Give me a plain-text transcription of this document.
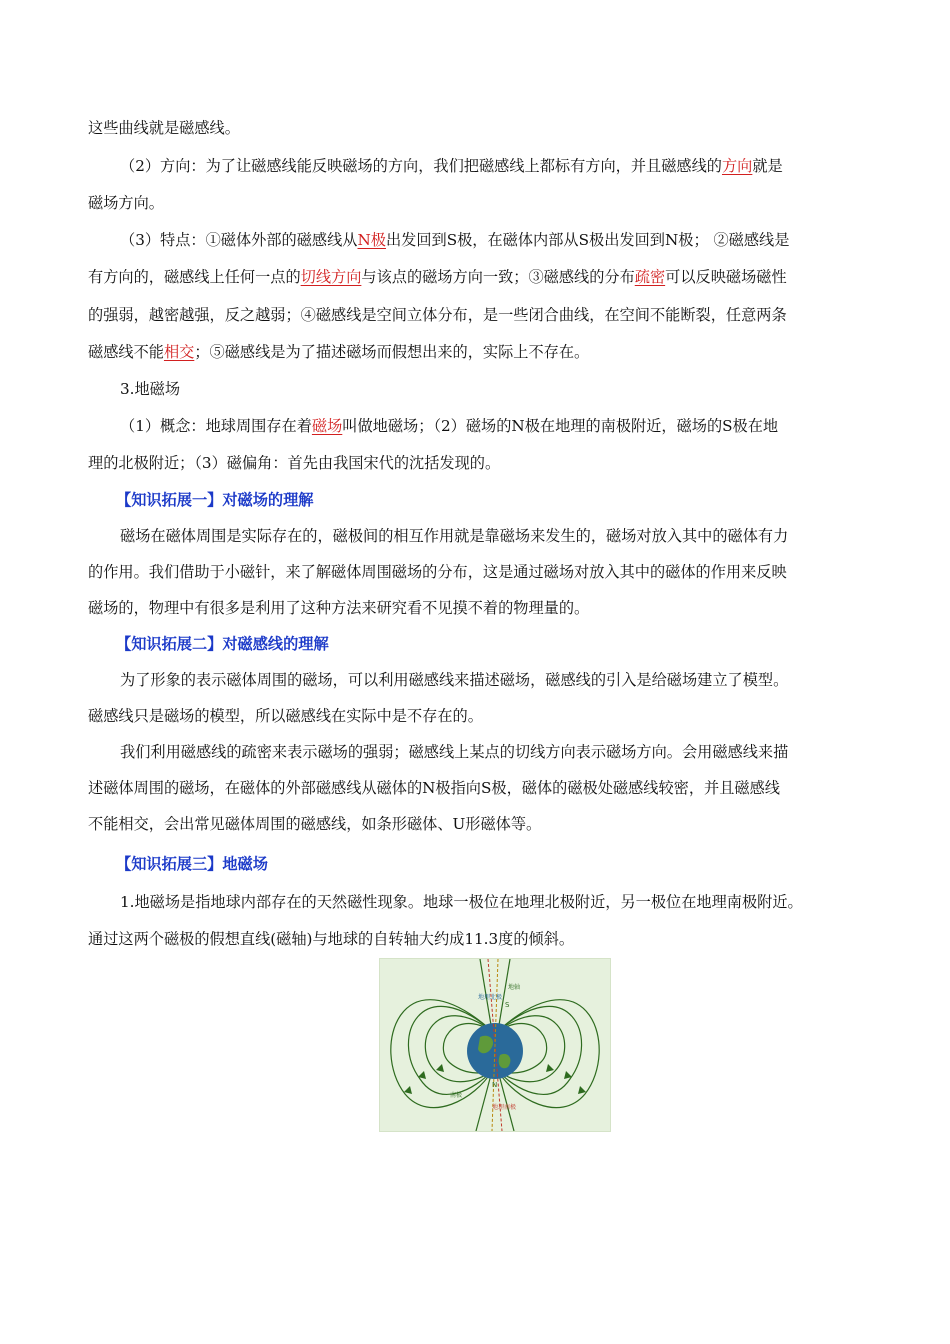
这些曲线就是磁感线。
（2）方向：为了让磁感线能反映磁场的方向，我们把磁感线上都标有方向，并且磁感线的方向就是
磁场方向。
（3）特点：①磁体外部的磁感线从N极出发回到S极，在磁体内部从S极出发回到N极； ②磁感线是
有方向的，磁感线上任何一点的切线方向与该点的磁场方向一致；③磁感线的分布疏密可以反映磁场磁性
的强弱，越密越强，反之越弱；④磁感线是空间立体分布，是一些闭合曲线，在空间不能断裂，任意两条
磁感线不能相交；⑤磁感线是为了描述磁场而假想出来的，实际上不存在。
3.地磁场
（1）概念：地球周围存在着磁场叫做地磁场；（2）磁场的N极在地理的南极附近，磁场的S极在地
理的北极附近；（3）磁偏角：首先由我国宋代的沈括发现的。
【知识拓展一】对磁场的理解
磁场在磁体周围是实际存在的，磁极间的相互作用就是靠磁场来发生的，磁场对放入其中的磁体有力
的作用。我们借助于小磁针，来了解磁体周围磁场的分布，这是通过磁场对放入其中的磁体的作用来反映
磁场的，物理中有很多是利用了这种方法来研究看不见摸不着的物理量的。
【知识拓展二】对磁感线的理解
为了形象的表示磁体周围的磁场，可以利用磁感线来描述磁场，磁感线的引入是给磁场建立了模型。
磁感线只是磁场的模型，所以磁感线在实际中是不存在的。
我们利用磁感线的疏密来表示磁场的强弱；磁感线上某点的切线方向表示磁场方向。会用磁感线来描
述磁体周围的磁场，在磁体的外部磁感线从磁体的N极指向S极，磁体的磁极处磁感线较密，并且磁感线
不能相交，会出常见磁体周围的磁感线，如条形磁体、U形磁体等。
【知识拓展三】地磁场
1.地磁场是指地球内部存在的天然磁性现象。地球一极位在地理北极附近，另一极位在地理南极附近。
通过这两个磁极的假想直线(磁轴)与地球的自转轴大约成11.3度的倾斜。
地理北极
地轴
S
南极
地理南极
N
